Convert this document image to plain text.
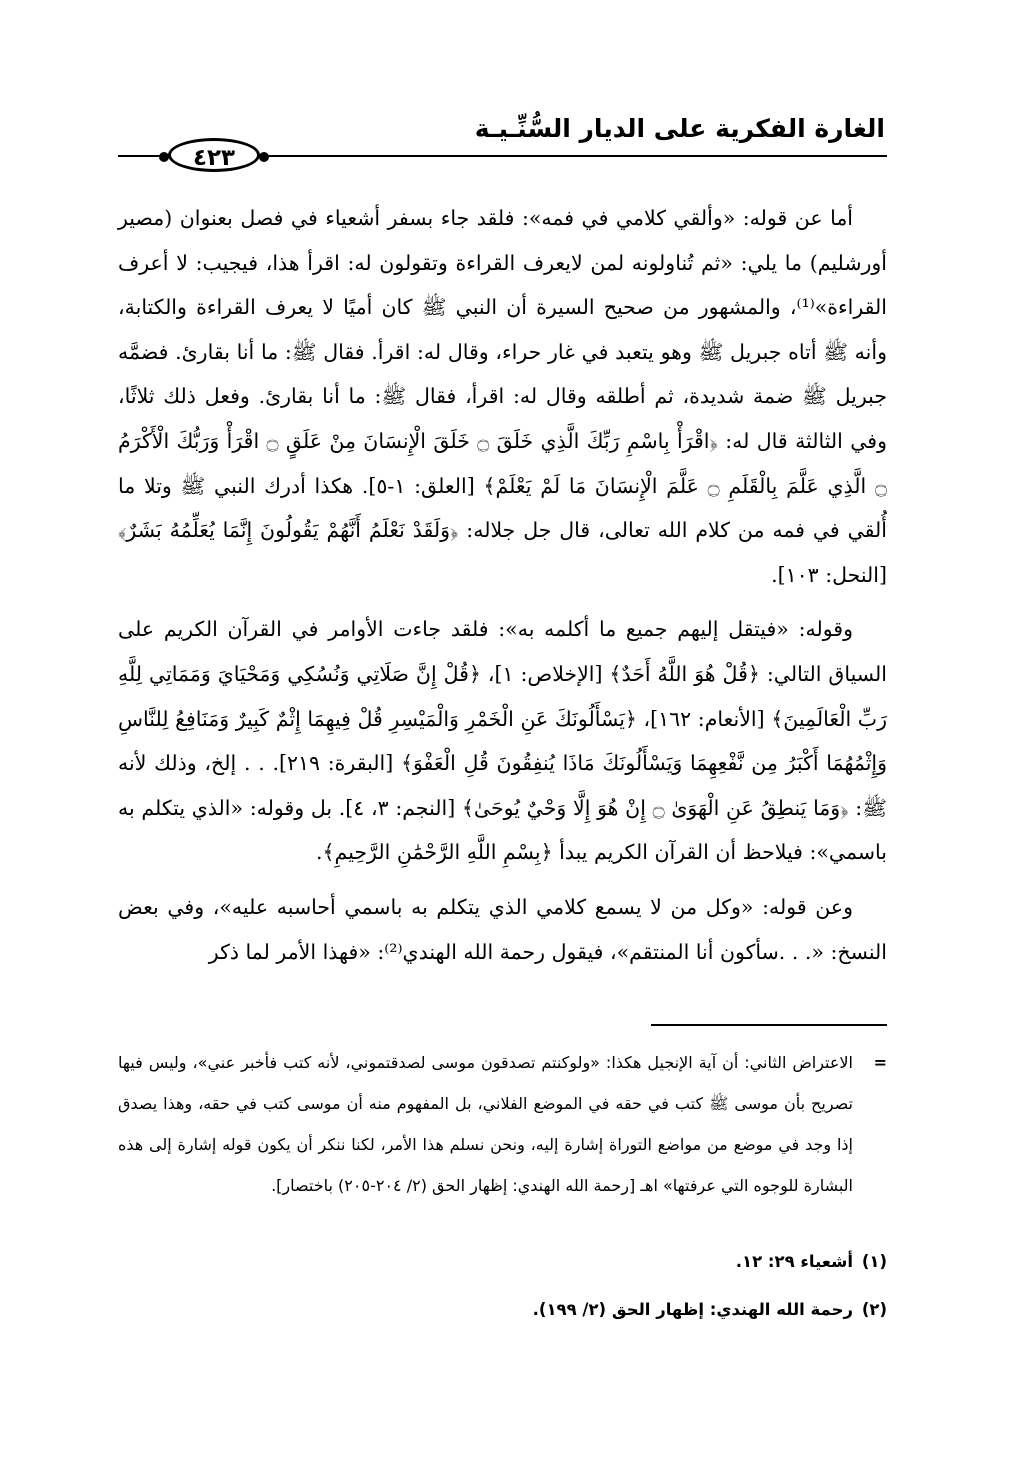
الغارة الفكرية على الديار السُّنِّـيـة
٤٢٣

أما عن قوله: «وألقي كلامي في فمه»: فلقد جاء بسفر أشعياء في فصل بعنوان (مصير أورشليم) ما يلي: «ثم تُناولونه لمن لايعرف القراءة وتقولون له: اقرأ هذا، فيجيب: لا أعرف القراءة»⁽¹⁾، والمشهور من صحيح السيرة أن النبي ﷺ كان أميًا لا يعرف القراءة والكتابة، وأنه ﷺ أتاه جبريل ﷺ وهو يتعبد في غار حراء، وقال له: اقرأ. فقال ﷺ: ما أنا بقارئ. فضمَّه جبريل ﷺ ضمة شديدة، ثم أطلقه وقال له: اقرأ، فقال ﷺ: ما أنا بقارئ. وفعل ذلك ثلاثًا، وفي الثالثة قال له: ﴿اقْرَأْ بِاسْمِ رَبِّكَ الَّذِي خَلَقَ ۝ خَلَقَ الْإِنسَانَ مِنْ عَلَقٍ ۝ اقْرَأْ وَرَبُّكَ الْأَكْرَمُ ۝ الَّذِي عَلَّمَ بِالْقَلَمِ ۝ عَلَّمَ الْإِنسَانَ مَا لَمْ يَعْلَمْ﴾ [العلق: ١-٥]. هكذا أدرك النبي ﷺ وتلا ما أُلقي في فمه من كلام الله تعالى، قال جل جلاله: ﴿وَلَقَدْ نَعْلَمُ أَنَّهُمْ يَقُولُونَ إِنَّمَا يُعَلِّمُهُ بَشَرٌ﴾ [النحل: ١٠٣].

وقوله: «فيتقل إليهم جميع ما أكلمه به»: فلقد جاءت الأوامر في القرآن الكريم على السياق التالي: ﴿قُلْ هُوَ اللَّهُ أَحَدٌ﴾ [الإخلاص: ١]، ﴿قُلْ إِنَّ صَلَاتِي وَنُسُكِي وَمَحْيَايَ وَمَمَاتِي لِلَّهِ رَبِّ الْعَالَمِينَ﴾ [الأنعام: ١٦٢]، ﴿يَسْأَلُونَكَ عَنِ الْخَمْرِ وَالْمَيْسِرِ قُلْ فِيهِمَا إِثْمٌ كَبِيرٌ وَمَنَافِعُ لِلنَّاسِ وَإِثْمُهُمَا أَكْبَرُ مِن نَّفْعِهِمَا وَيَسْأَلُونَكَ مَاذَا يُنفِقُونَ قُلِ الْعَفْوَ﴾ [البقرة: ٢١٩]. . . إلخ، وذلك لأنه ﷺ: ﴿وَمَا يَنطِقُ عَنِ الْهَوَىٰ ۝ إِنْ هُوَ إِلَّا وَحْيٌ يُوحَىٰ﴾ [النجم: ٣، ٤]. بل وقوله: «الذي يتكلم به باسمي»: فيلاحظ أن القرآن الكريم يبدأ ﴿بِسْمِ اللَّهِ الرَّحْمَٰنِ الرَّحِيمِ﴾.

وعن قوله: «وكل من لا يسمع كلامي الذي يتكلم به باسمي أحاسبه عليه»، وفي بعض النسخ: «. . .سأكون أنا المنتقم»، فيقول رحمة الله الهندي⁽²⁾: «فهذا الأمر لما ذكر

=
الاعتراض الثاني: أن آية الإنجيل هكذا: «ولوكنتم تصدقون موسى لصدقتموني، لأنه كتب فأخبر عني»، وليس فيها تصريح بأن موسى ﷺ كتب في حقه في الموضع الفلاني، بل المفهوم منه أن موسى كتب في حقه، وهذا يصدق إذا وجد في موضع من مواضع التوراة إشارة إليه، ونحن نسلم هذا الأمر، لكنا ننكر أن يكون قوله إشارة إلى هذه البشارة للوجوه التي عرفتها» اهـ [رحمة الله الهندي: إظهار الحق (٢/ ٢٠٤-٢٠٥) باختصار].
(١)
أشعياء ٢٩: ١٢.
(٢)
رحمة الله الهندي: إظهار الحق (٢/ ١٩٩).
